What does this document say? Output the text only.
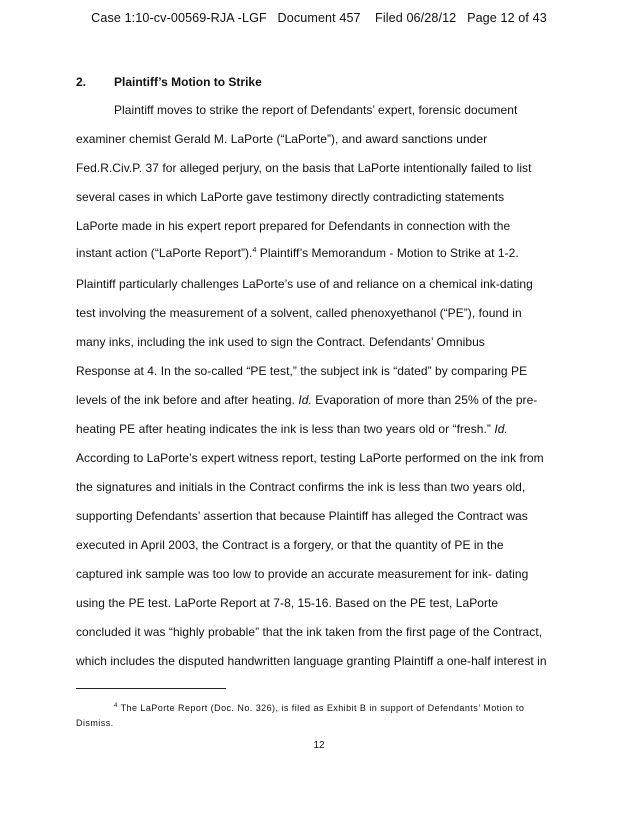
Case 1:10-cv-00569-RJA -LGF   Document 457    Filed 06/28/12   Page 12 of 43
2.	Plaintiff’s Motion to Strike
Plaintiff moves to strike the report of Defendants’ expert, forensic document
examiner chemist Gerald M. LaPorte (“LaPorte”), and award sanctions under
Fed.R.Civ.P. 37 for alleged perjury, on the basis that LaPorte intentionally failed to list
several cases in which LaPorte gave testimony directly contradicting statements
LaPorte made in his expert report prepared for Defendants in connection with the
instant action (“LaPorte Report”).$^4$ Plaintiff’s Memorandum - Motion to Strike at 1-2.
Plaintiff particularly challenges LaPorte’s use of and reliance on a chemical ink-dating
test involving the measurement of a solvent, called phenoxyethanol (“PE”), found in
many inks, including the ink used to sign the Contract. Defendants’ Omnibus
Response at 4. In the so-called “PE test,” the subject ink is “dated” by comparing PE
levels of the ink before and after heating. Id. Evaporation of more than 25% of the pre-
heating PE after heating indicates the ink is less than two years old or “fresh.” Id.
According to LaPorte’s expert witness report, testing LaPorte performed on the ink from
the signatures and initials in the Contract confirms the ink is less than two years old,
supporting Defendants’ assertion that because Plaintiff has alleged the Contract was
executed in April 2003, the Contract is a forgery, or that the quantity of PE in the
captured ink sample was too low to provide an accurate measurement for ink- dating
using the PE test. LaPorte Report at 7-8, 15-16. Based on the PE test, LaPorte
concluded it was “highly probable” that the ink taken from the first page of the Contract,
which includes the disputed handwritten language granting Plaintiff a one-half interest in
$^4$ The LaPorte Report (Doc. No. 326), is filed as Exhibit B in support of Defendants’ Motion to
Dismiss.
12
